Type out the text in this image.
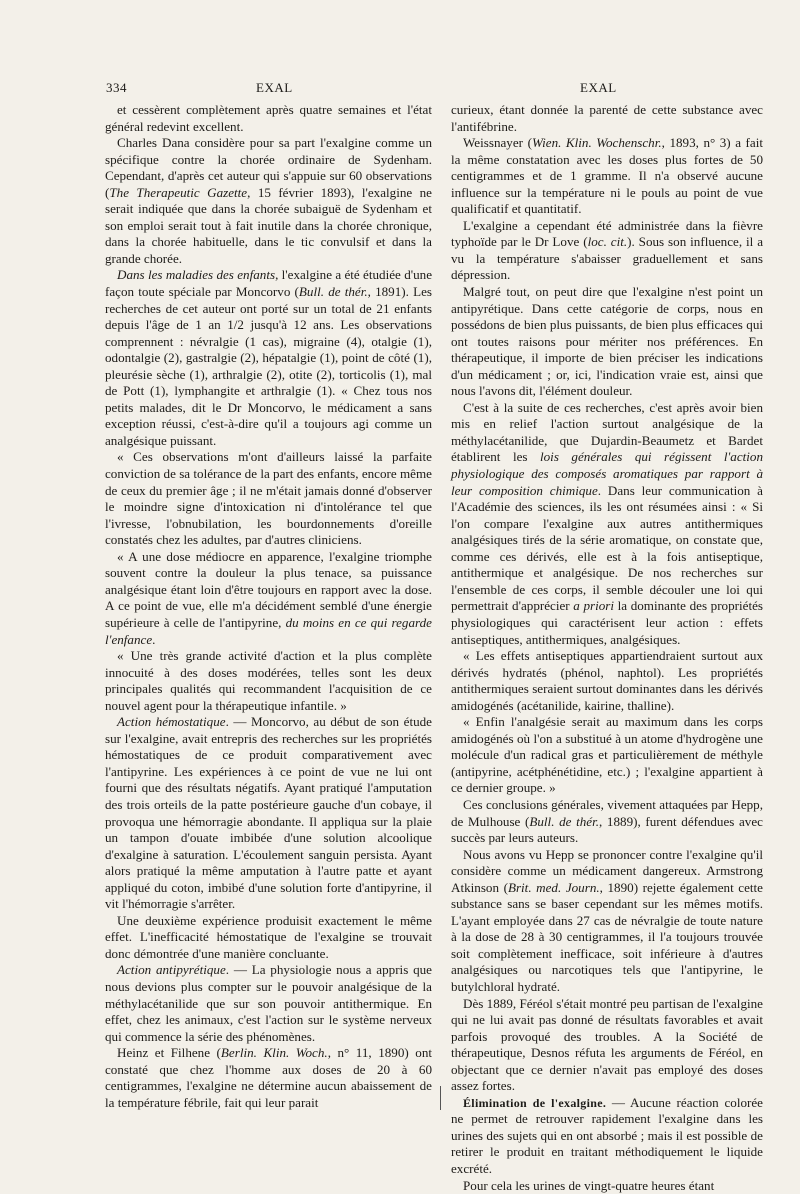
334	EXAL	EXAL

et cessèrent complètement après quatre semaines et l'état général redevint excellent.

Charles Dana considère pour sa part l'exalgine comme un spécifique contre la chorée ordinaire de Sydenham. Cependant, d'après cet auteur qui s'appuie sur 60 observations (The Therapeutic Gazette, 15 février 1893), l'exalgine ne serait indiquée que dans la chorée subaiguë de Sydenham et son emploi serait tout à fait inutile dans la chorée chronique, dans la chorée habituelle, dans le tic convulsif et dans la grande chorée.

Dans les maladies des enfants, l'exalgine a été étudiée d'une façon toute spéciale par Moncorvo (Bull. de thér., 1891). Les recherches de cet auteur ont porté sur un total de 21 enfants depuis l'âge de 1 an 1/2 jusqu'à 12 ans. Les observations comprennent : névralgie (1 cas), migraine (4), otalgie (1), odontalgie (2), gastralgie (2), hépatalgie (1), point de côté (1), pleurésie sèche (1), arthralgie (2), otite (2), torticolis (1), mal de Pott (1), lymphangite et arthralgie (1). « Chez tous nos petits malades, dit le Dr Moncorvo, le médicament a sans exception réussi, c'est-à-dire qu'il a toujours agi comme un analgésique puissant.

« Ces observations m'ont d'ailleurs laissé la parfaite conviction de sa tolérance de la part des enfants, encore même de ceux du premier âge ; il ne m'était jamais donné d'observer le moindre signe d'intoxication ni d'intolérance tel que l'ivresse, l'obnubilation, les bourdonnements d'oreille constatés chez les adultes, par d'autres cliniciens.

« A une dose médiocre en apparence, l'exalgine triomphe souvent contre la douleur la plus tenace, sa puissance analgésique étant loin d'être toujours en rapport avec la dose. A ce point de vue, elle m'a décidément semblé d'une énergie supérieure à celle de l'antipyrine, du moins en ce qui regarde l'enfance.

« Une très grande activité d'action et la plus complète innocuité à des doses modérées, telles sont les deux principales qualités qui recommandent l'acquisition de ce nouvel agent pour la thérapeutique infantile. »

Action hémostatique. — Moncorvo, au début de son étude sur l'exalgine, avait entrepris des recherches sur les propriétés hémostatiques de ce produit comparativement avec l'antipyrine. Les expériences à ce point de vue ne lui ont fourni que des résultats négatifs. Ayant pratiqué l'amputation des trois orteils de la patte postérieure gauche d'un cobaye, il provoqua une hémorragie abondante. Il appliqua sur la plaie un tampon d'ouate imbibée d'une solution alcoolique d'exalgine à saturation. L'écoulement sanguin persista. Ayant alors pratiqué la même amputation à l'autre patte et ayant appliqué du coton, imbibé d'une solution forte d'antipyrine, il vit l'hémorragie s'arrêter.

Une deuxième expérience produisit exactement le même effet. L'inefficacité hémostatique de l'exalgine se trouvait donc démontrée d'une manière concluante.

Action antipyrétique. — La physiologie nous a appris que nous devions plus compter sur le pouvoir analgésique de la méthylacétanilide que sur son pouvoir antithermique. En effet, chez les animaux, c'est l'action sur le système nerveux qui commence la série des phénomènes.

Heinz et Filhene (Berlin. Klin. Woch., n° 11, 1890) ont constaté que chez l'homme aux doses de 20 à 60 centigrammes, l'exalgine ne détermine aucun abaissement de la température fébrile, fait qui leur parait

curieux, étant donnée la parenté de cette substance avec l'antifébrine.

Weissnayer (Wien. Klin. Wochenschr., 1893, n° 3) a fait la même constatation avec les doses plus fortes de 50 centigrammes et de 1 gramme. Il n'a observé aucune influence sur la température ni le pouls au point de vue qualificatif et quantitatif.

L'exalgine a cependant été administrée dans la fièvre typhoïde par le Dr Love (loc. cit.). Sous son influence, il a vu la température s'abaisser graduellement et sans dépression.

Malgré tout, on peut dire que l'exalgine n'est point un antipyrétique. Dans cette catégorie de corps, nous en possédons de bien plus puissants, de bien plus efficaces qui ont toutes raisons pour mériter nos préférences. En thérapeutique, il importe de bien préciser les indications d'un médicament ; or, ici, l'indication vraie est, ainsi que nous l'avons dit, l'élément douleur.

C'est à la suite de ces recherches, c'est après avoir bien mis en relief l'action surtout analgésique de la méthylacétanilide, que Dujardin-Beaumetz et Bardet établirent les lois générales qui régissent l'action physiologique des composés aromatiques par rapport à leur composition chimique. Dans leur communication à l'Académie des sciences, ils les ont résumées ainsi : « Si l'on compare l'exalgine aux autres antithermiques analgésiques tirés de la série aromatique, on constate que, comme ces dérivés, elle est à la fois antiseptique, antithermique et analgésique. De nos recherches sur l'ensemble de ces corps, il semble découler une loi qui permettrait d'apprécier a priori la dominante des propriétés physiologiques qui caractérisent leur action : effets antiseptiques, antithermiques, analgésiques.

« Les effets antiseptiques appartiendraient surtout aux dérivés hydratés (phénol, naphtol). Les propriétés antithermiques seraient surtout dominantes dans les dérivés amidogénés (acétanilide, kairine, thalline).

« Enfin l'analgésie serait au maximum dans les corps amidogénés où l'on a substitué à un atome d'hydrogène une molécule d'un radical gras et particulièrement de méthyle (antipyrine, acétphénétidine, etc.) ; l'exalgine appartient à ce dernier groupe. »

Ces conclusions générales, vivement attaquées par Hepp, de Mulhouse (Bull. de thér., 1889), furent défendues avec succès par leurs auteurs.

Nous avons vu Hepp se prononcer contre l'exalgine qu'il considère comme un médicament dangereux. Armstrong Atkinson (Brit. med. Journ., 1890) rejette également cette substance sans se baser cependant sur les mêmes motifs. L'ayant employée dans 27 cas de névralgie de toute nature à la dose de 28 à 30 centigrammes, il l'a toujours trouvée soit complètement inefficace, soit inférieure à d'autres analgésiques ou narcotiques tels que l'antipyrine, le butylchloral hydraté.

Dès 1889, Féréol s'était montré peu partisan de l'exalgine qui ne lui avait pas donné de résultats favorables et avait parfois provoqué des troubles. A la Société de thérapeutique, Desnos réfuta les arguments de Féréol, en objectant que ce dernier n'avait pas employé des doses assez fortes.

Élimination de l'exalgine. — Aucune réaction colorée ne permet de retrouver rapidement l'exalgine dans les urines des sujets qui en ont absorbé ; mais il est possible de retirer le produit en traitant méthodiquement le liquide excrété.

Pour cela les urines de vingt-quatre heures étant
